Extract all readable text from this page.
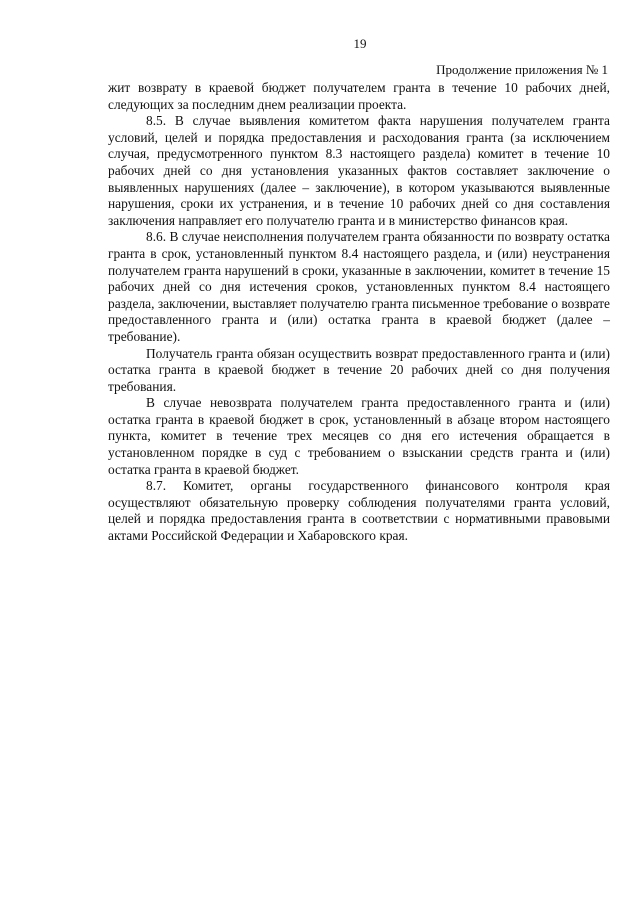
19
Продолжение приложения № 1

жит возврату в краевой бюджет получателем гранта в течение 10 рабочих дней, следующих за последним днем реализации проекта.

8.5. В случае выявления комитетом факта нарушения получателем гранта условий, целей и порядка предоставления и расходования гранта (за исключением случая, предусмотренного пунктом 8.3 настоящего раздела) комитет в течение 10 рабочих дней со дня установления указанных фактов составляет заключение о выявленных нарушениях (далее – заключение), в котором указываются выявленные нарушения, сроки их устранения, и в течение 10 рабочих дней со дня составления заключения направляет его получателю гранта и в министерство финансов края.

8.6. В случае неисполнения получателем гранта обязанности по возврату остатка гранта в срок, установленный пунктом 8.4 настоящего раздела, и (или) неустранения получателем гранта нарушений в сроки, указанные в заключении, комитет в течение 15 рабочих дней со дня истечения сроков, установленных пунктом 8.4 настоящего раздела, заключении, выставляет получателю гранта письменное требование о возврате предоставленного гранта и (или) остатка гранта в краевой бюджет (далее – требование).

Получатель гранта обязан осуществить возврат предоставленного гранта и (или) остатка гранта в краевой бюджет в течение 20 рабочих дней со дня получения требования.

В случае невозврата получателем гранта предоставленного гранта и (или) остатка гранта в краевой бюджет в срок, установленный в абзаце втором настоящего пункта, комитет в течение трех месяцев со дня его истечения обращается в установленном порядке в суд с требованием о взыскании средств гранта и (или) остатка гранта в краевой бюджет.

8.7. Комитет, органы государственного финансового контроля края осуществляют обязательную проверку соблюдения получателями гранта условий, целей и порядка предоставления гранта в соответствии с нормативными правовыми актами Российской Федерации и Хабаровского края.
